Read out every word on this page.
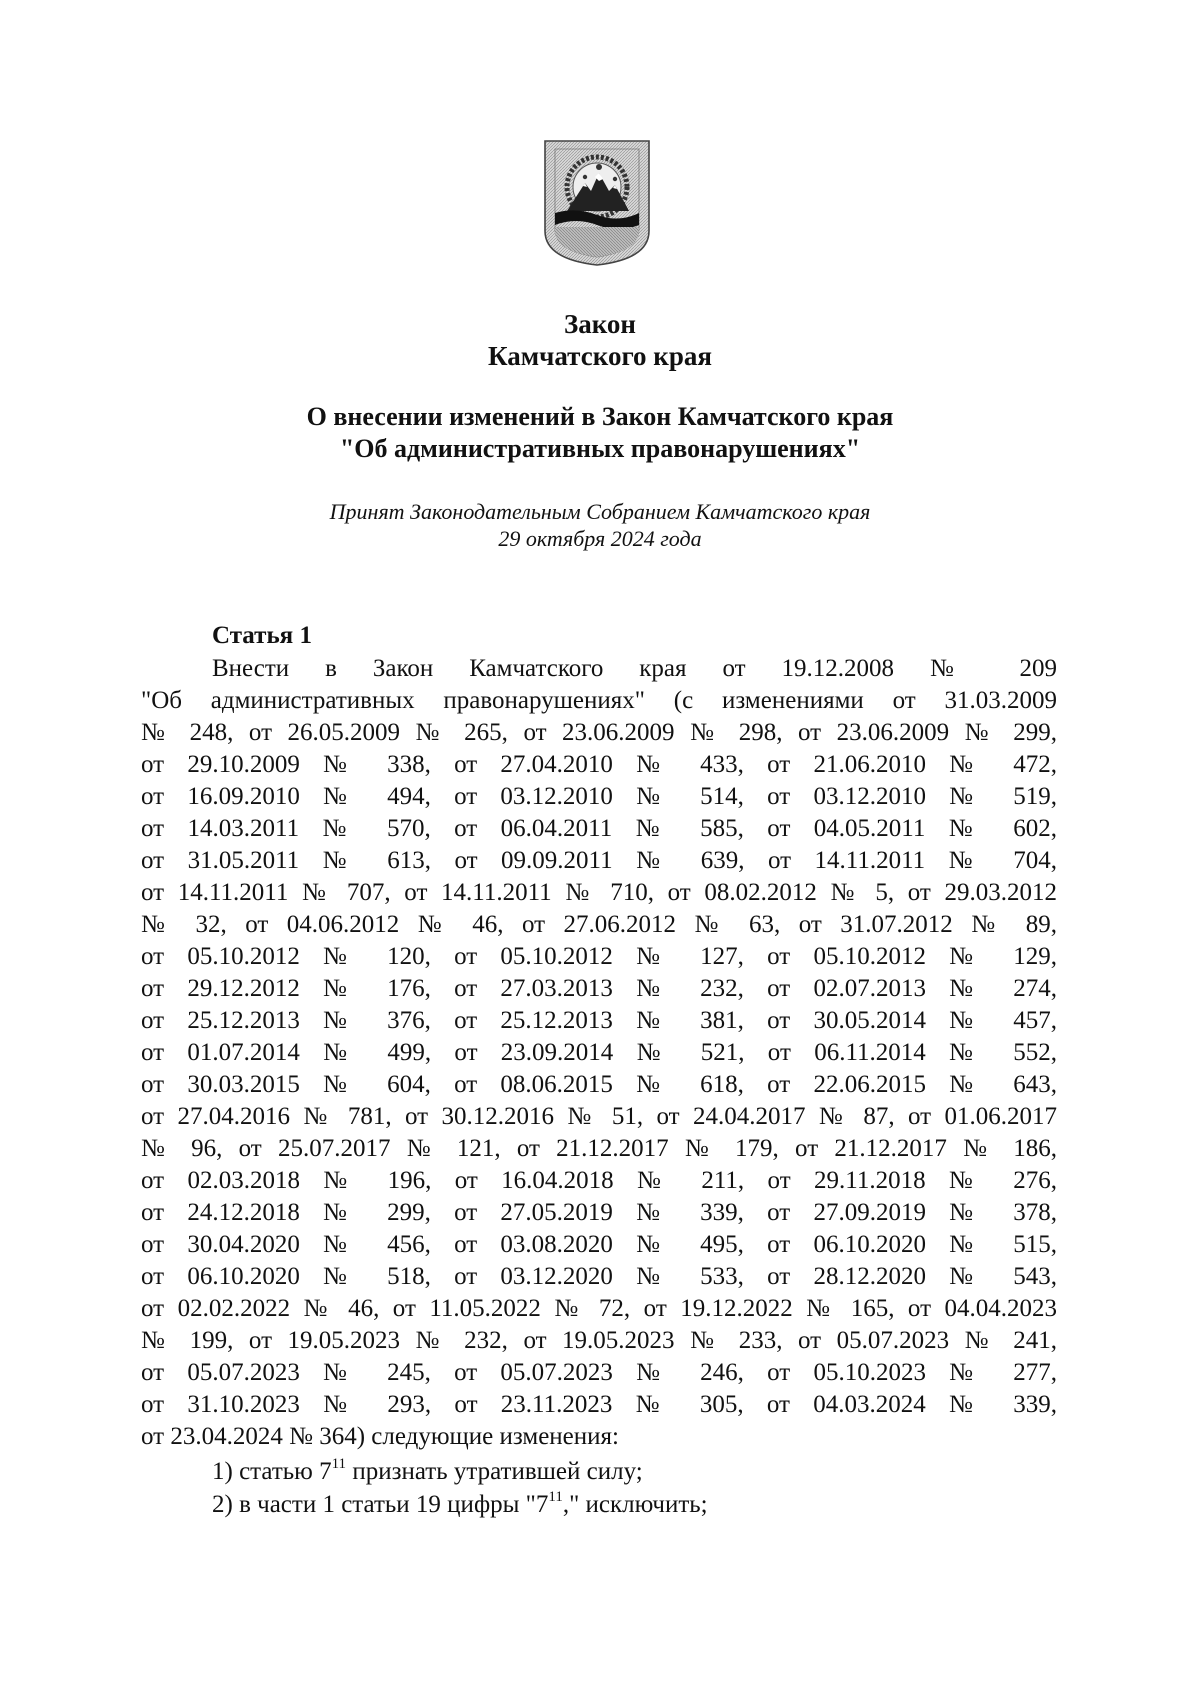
Закон
Камчатского края
О внесении изменений в Закон Камчатского края
"Об административных правонарушениях"
Принят Законодательным Собранием Камчатского края
29 октября 2024 года
Статья 1
Внести в Закон Камчатского края от 19.12.2008 № 209
"Об административных правонарушениях" (с изменениями от 31.03.2009
№ 248, от 26.05.2009 № 265, от 23.06.2009 № 298, от 23.06.2009 № 299,
от 29.10.2009 № 338, от 27.04.2010 № 433, от 21.06.2010 № 472,
от 16.09.2010 № 494, от 03.12.2010 № 514, от 03.12.2010 № 519,
от 14.03.2011 № 570, от 06.04.2011 № 585, от 04.05.2011 № 602,
от 31.05.2011 № 613, от 09.09.2011 № 639, от 14.11.2011 № 704,
от 14.11.2011 № 707, от 14.11.2011 № 710, от 08.02.2012 № 5, от 29.03.2012
№ 32, от 04.06.2012 № 46, от 27.06.2012 № 63, от 31.07.2012 № 89,
от 05.10.2012 № 120, от 05.10.2012 № 127, от 05.10.2012 № 129,
от 29.12.2012 № 176, от 27.03.2013 № 232, от 02.07.2013 № 274,
от 25.12.2013 № 376, от 25.12.2013 № 381, от 30.05.2014 № 457,
от 01.07.2014 № 499, от 23.09.2014 № 521, от 06.11.2014 № 552,
от 30.03.2015 № 604, от 08.06.2015 № 618, от 22.06.2015 № 643,
от 27.04.2016 № 781, от 30.12.2016 № 51, от 24.04.2017 № 87, от 01.06.2017
№ 96, от 25.07.2017 № 121, от 21.12.2017 № 179, от 21.12.2017 № 186,
от 02.03.2018 № 196, от 16.04.2018 № 211, от 29.11.2018 № 276,
от 24.12.2018 № 299, от 27.05.2019 № 339, от 27.09.2019 № 378,
от 30.04.2020 № 456, от 03.08.2020 № 495, от 06.10.2020 № 515,
от 06.10.2020 № 518, от 03.12.2020 № 533, от 28.12.2020 № 543,
от 02.02.2022 № 46, от 11.05.2022 № 72, от 19.12.2022 № 165, от 04.04.2023
№ 199, от 19.05.2023 № 232, от 19.05.2023 № 233, от 05.07.2023 № 241,
от 05.07.2023 № 245, от 05.07.2023 № 246, от 05.10.2023 № 277,
от 31.10.2023 № 293, от 23.11.2023 № 305, от 04.03.2024 № 339,
от 23.04.2024 № 364) следующие изменения:
1) статью $7^{11}$ признать утратившей силу;
2) в части 1 статьи 19 цифры "$7^{11}$," исключить;
